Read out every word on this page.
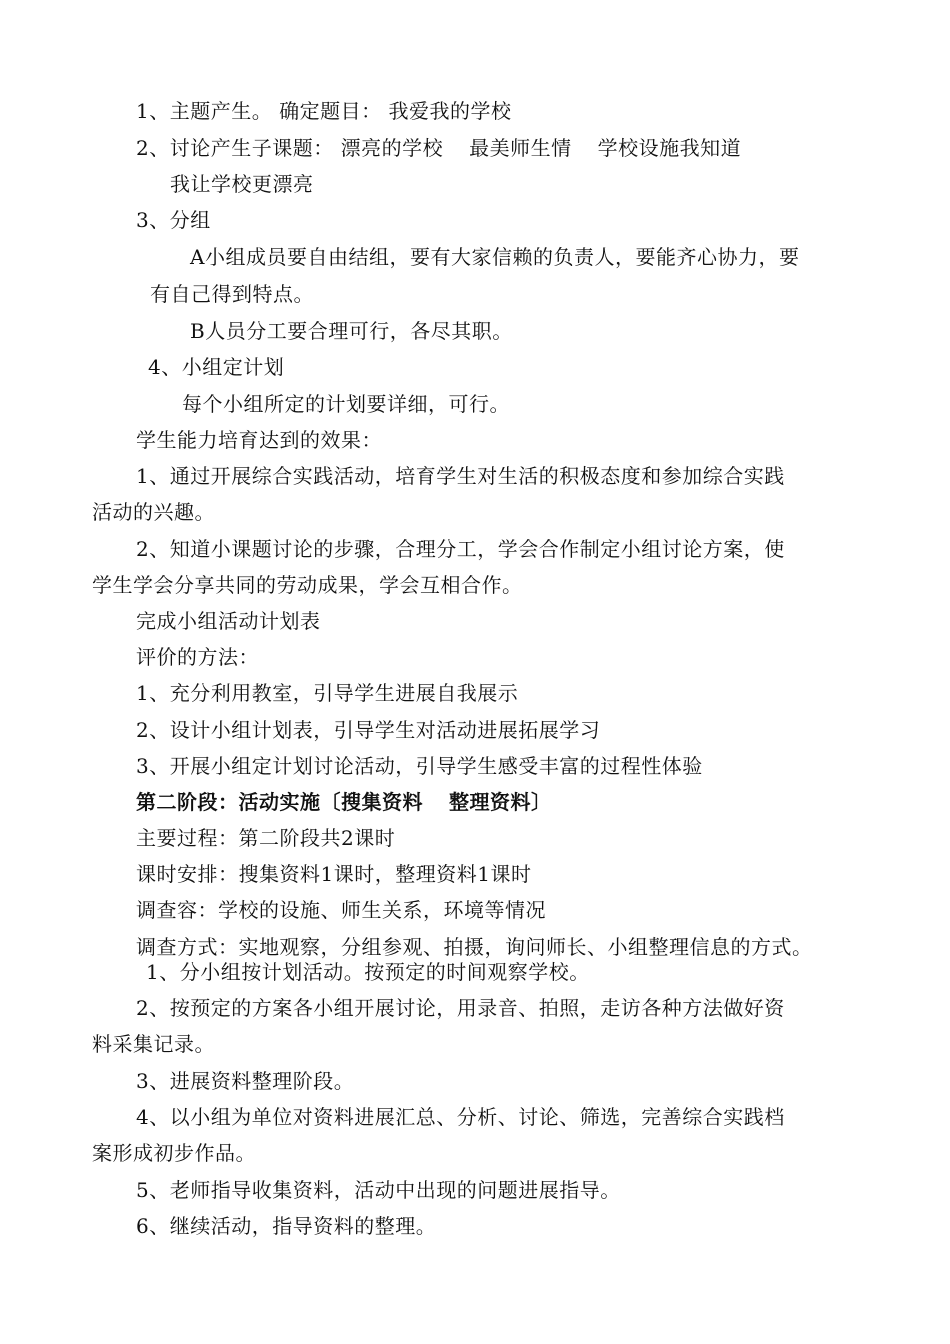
1、主题产生。 确定题目： 我爱我的学校
2、讨论产生子课题： 漂亮的学校 最美师生情 学校设施我知道
我让学校更漂亮
3、分组
A小组成员要自由结组，要有大家信赖的负责人，要能齐心协力，要
有自己得到特点。
B人员分工要合理可行，各尽其职。
4、小组定计划
每个小组所定的计划要详细，可行。
学生能力培育达到的效果：
1、通过开展综合实践活动，培育学生对生活的积极态度和参加综合实践
活动的兴趣。
2、知道小课题讨论的步骤，合理分工，学会合作制定小组讨论方案，使
学生学会分享共同的劳动成果，学会互相合作。
完成小组活动计划表
评价的方法：
1、充分利用教室，引导学生进展自我展示
2、设计小组计划表，引导学生对活动进展拓展学习
3、开展小组定计划讨论活动，引导学生感受丰富的过程性体验
第二阶段：活动实施〔搜集资料 整理资料〕
主要过程：第二阶段共2课时
课时安排：搜集资料1课时，整理资料1课时
调查容：学校的设施、师生关系，环境等情况
调查方式：实地观察，分组参观、拍摄，询问师长、小组整理信息的方式。
1、分小组按计划活动。按预定的时间观察学校。
2、按预定的方案各小组开展讨论，用录音、拍照，走访各种方法做好资
料采集记录。
3、进展资料整理阶段。
4、以小组为单位对资料进展汇总、分析、讨论、筛选，完善综合实践档
案形成初步作品。
5、老师指导收集资料，活动中出现的问题进展指导。
6、继续活动，指导资料的整理。
